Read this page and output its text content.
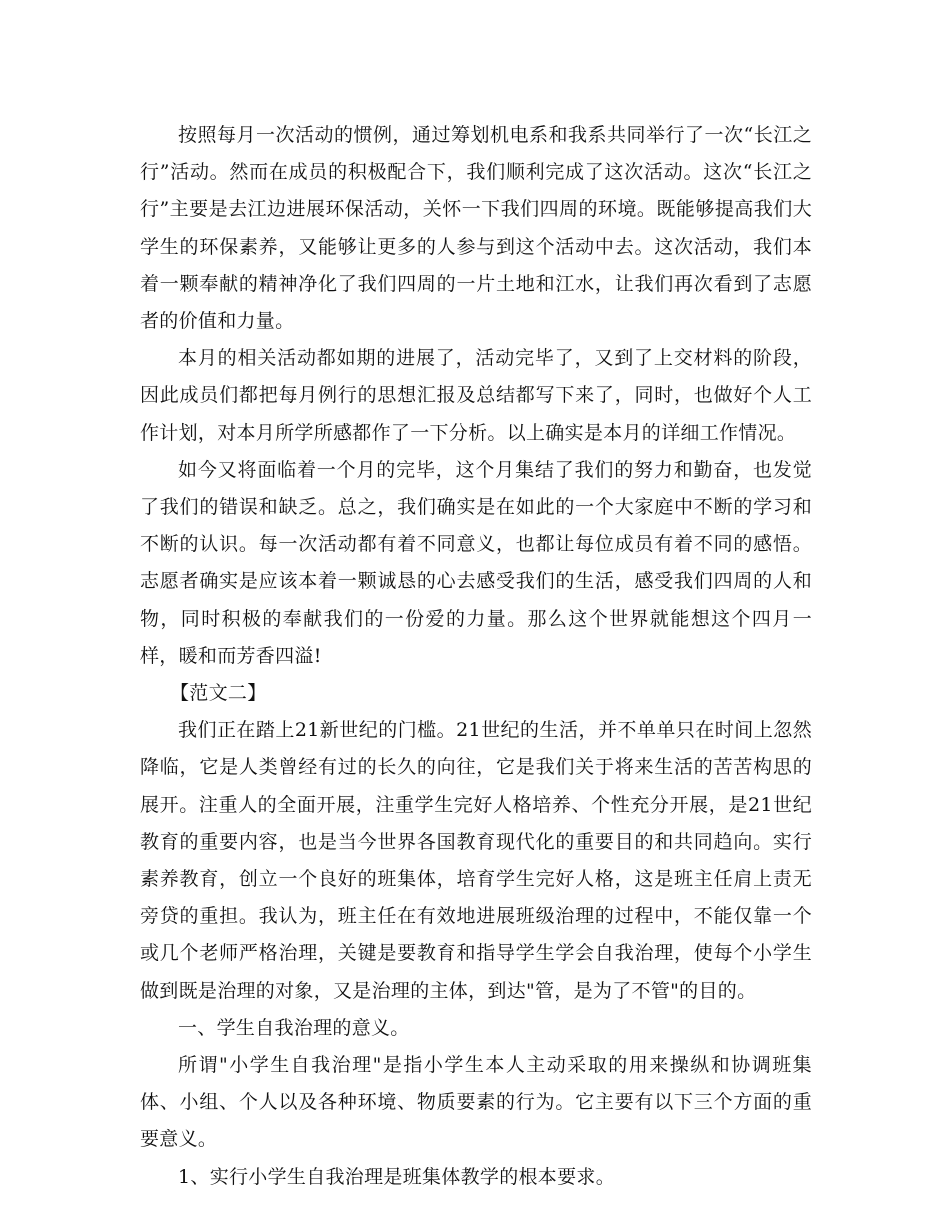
按照每月一次活动的惯例，通过筹划机电系和我系共同举行了一次“长江之行”活动。然而在成员的积极配合下，我们顺利完成了这次活动。这次“长江之行”主要是去江边进展环保活动，关怀一下我们四周的环境。既能够提高我们大学生的环保素养，又能够让更多的人参与到这个活动中去。这次活动，我们本着一颗奉献的精神净化了我们四周的一片土地和江水，让我们再次看到了志愿者的价值和力量。

本月的相关活动都如期的进展了，活动完毕了，又到了上交材料的阶段，因此成员们都把每月例行的思想汇报及总结都写下来了，同时，也做好个人工作计划，对本月所学所感都作了一下分析。以上确实是本月的详细工作情况。

如今又将面临着一个月的完毕，这个月集结了我们的努力和勤奋，也发觉了我们的错误和缺乏。总之，我们确实是在如此的一个大家庭中不断的学习和不断的认识。每一次活动都有着不同意义，也都让每位成员有着不同的感悟。志愿者确实是应该本着一颗诚恳的心去感受我们的生活，感受我们四周的人和物，同时积极的奉献我们的一份爱的力量。那么这个世界就能想这个四月一样，暖和而芳香四溢!

【范文二】

我们正在踏上21新世纪的门槛。21世纪的生活，并不单单只在时间上忽然降临，它是人类曾经有过的长久的向往，它是我们关于将来生活的苦苦构思的展开。注重人的全面开展，注重学生完好人格培养、个性充分开展，是21世纪教育的重要内容，也是当今世界各国教育现代化的重要目的和共同趋向。实行素养教育，创立一个良好的班集体，培育学生完好人格，这是班主任肩上责无旁贷的重担。我认为，班主任在有效地进展班级治理的过程中，不能仅靠一个或几个老师严格治理，关键是要教育和指导学生学会自我治理，使每个小学生做到既是治理的对象，又是治理的主体，到达"管，是为了不管"的目的。

一、学生自我治理的意义。

所谓"小学生自我治理"是指小学生本人主动采取的用来操纵和协调班集体、小组、个人以及各种环境、物质要素的行为。它主要有以下三个方面的重要意义。

1、实行小学生自我治理是班集体教学的根本要求。
